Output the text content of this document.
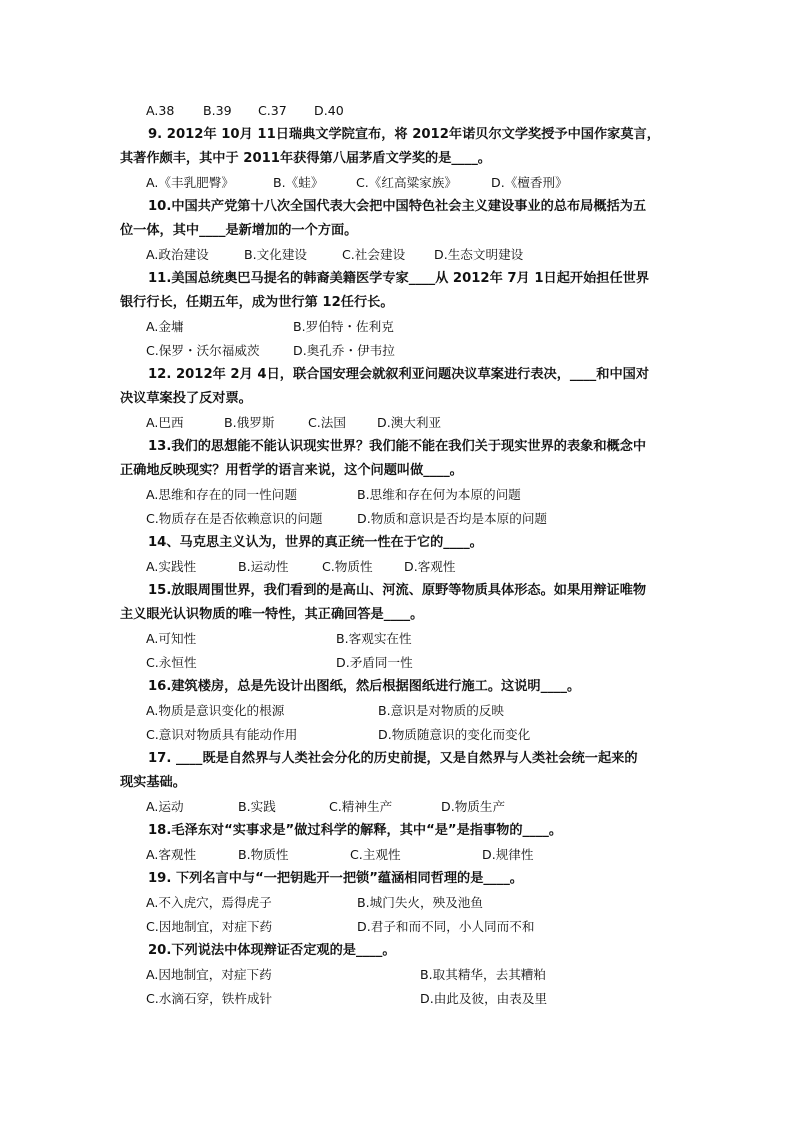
A.38 B.39 C.37 D.40
9. 2012年 10月 11日瑞典文学院宣布，将 2012年诺贝尔文学奖授予中国作家莫言，
其著作颇丰，其中于 2011年获得第八届茅盾文学奖的是____。
A.《丰乳肥臀》	B.《蛙》	C.《红高粱家族》	D.《檀香刑》
10.中国共产党第十八次全国代表大会把中国特色社会主义建设事业的总布局概括为五
位一体，其中____是新增加的一个方面。
A.政治建设	B.文化建设	C.社会建设 D.生态文明建设
11.美国总统奥巴马提名的韩裔美籍医学专家____从 2012年 7月 1日起开始担任世界
银行行长，任期五年，成为世行第 12任行长。
A.金墉	B.罗伯特・佐利克
C.保罗・沃尔福威茨	D.奥孔乔・伊韦拉
12. 2012年 2月 4日，联合国安理会就叙利亚问题决议草案进行表决，____和中国对
决议草案投了反对票。
A.巴西	B.俄罗斯	C.法国 D.澳大利亚
13.我们的思想能不能认识现实世界？我们能不能在我们关于现实世界的表象和概念中
正确地反映现实？用哲学的语言来说，这个问题叫做____。
A.思维和存在的同一性问题	B.思维和存在何为本原的问题
C.物质存在是否依赖意识的问题	D.物质和意识是否均是本原的问题
14、马克思主义认为，世界的真正统一性在于它的____。
A.实践性	B.运动性	C.物质性 D.客观性
15.放眼周围世界，我们看到的是高山、河流、原野等物质具体形态。如果用辩证唯物
主义眼光认识物质的唯一特性，其正确回答是____。
A.可知性	B.客观实在性
C.永恒性	D.矛盾同一性
16.建筑楼房，总是先设计出图纸，然后根据图纸进行施工。这说明____。
A.物质是意识变化的根源	B.意识是对物质的反映
C.意识对物质具有能动作用	D.物质随意识的变化而变化
17. ____既是自然界与人类社会分化的历史前提，又是自然界与人类社会统一起来的
现实基础。
A.运动	B.实践	C.精神生产	D.物质生产
18.毛泽东对“实事求是”做过科学的解释，其中“是”是指事物的____。
A.客观性	B.物质性	C.主观性	D.规律性
19. 下列名言中与“一把钥匙开一把锁”蕴涵相同哲理的是____。
A.不入虎穴，焉得虎子	B.城门失火，殃及池鱼
C.因地制宜，对症下药	D.君子和而不同，小人同而不和
20.下列说法中体现辩证否定观的是____。
A.因地制宜，对症下药	B.取其精华，去其糟粕
C.水滴石穿，铁杵成针	D.由此及彼，由表及里
